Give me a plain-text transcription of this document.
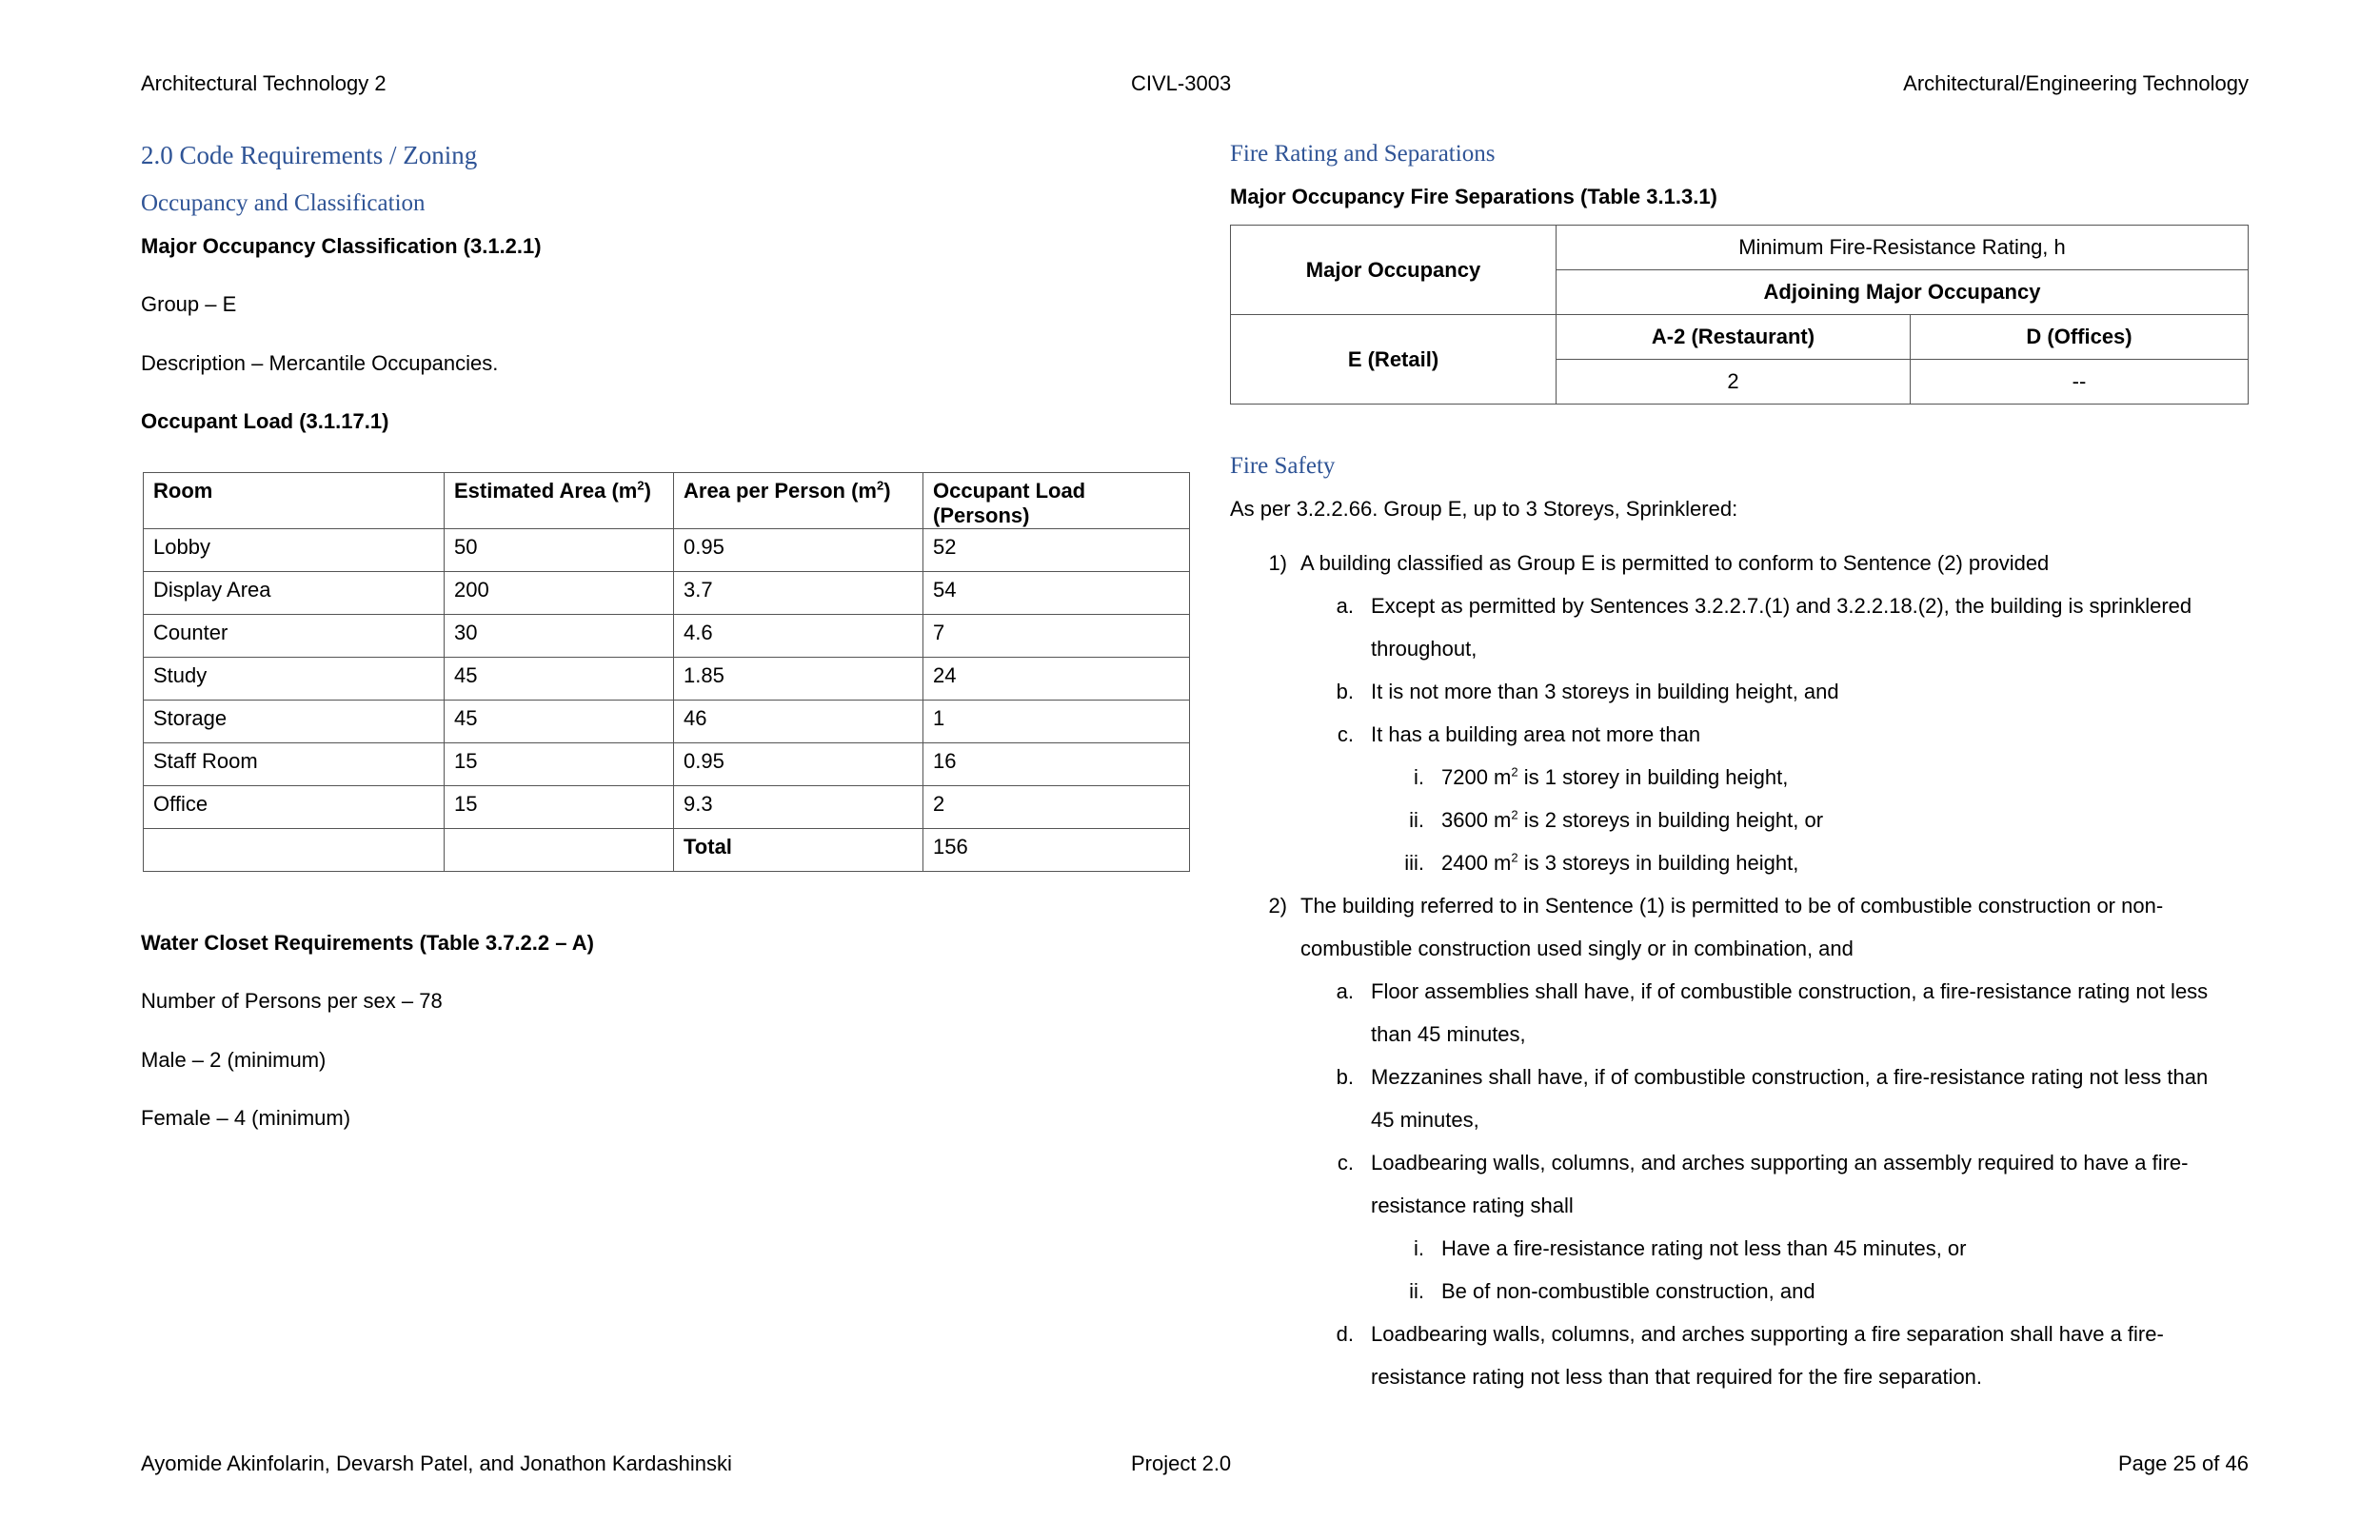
Architectural Technology 2	CIVL-3003	Architectural/Engineering Technology
2.0 Code Requirements / Zoning
Occupancy and Classification
Major Occupancy Classification (3.1.2.1)
Group – E
Description – Mercantile Occupancies.
Occupant Load (3.1.17.1)
Room	Estimated Area $(m^2)$	Area per Person $(m^2)$	Occupant Load (Persons)
Lobby	50	0.95	52
Display Area	200	3.7	54
Counter	30	4.6	7
Study	45	1.85	24
Storage	45	46	1
Staff Room	15	0.95	16
Office	15	9.3	2
		Total	156
Water Closet Requirements (Table 3.7.2.2 – A)
Number of Persons per sex – 78
Male – 2 (minimum)
Female – 4 (minimum)
Fire Rating and Separations
Major Occupancy Fire Separations (Table 3.1.3.1)
Major Occupancy	Minimum Fire-Resistance Rating, h	
	Adjoining Major Occupancy	
E (Retail)	A-2 (Restaurant)	D (Offices)
	2	--
Fire Safety
As per 3.2.2.66. Group E, up to 3 Storeys, Sprinklered:
1) A building classified as Group E is permitted to conform to Sentence (2) provided
a. Except as permitted by Sentences 3.2.2.7.(1) and 3.2.2.18.(2), the building is sprinklered
throughout,
b. It is not more than 3 storeys in building height, and
c. It has a building area not more than
i. 7200 $m^2$ is 1 storey in building height,
ii. 3600 $m^2$ is 2 storeys in building height, or
iii. 2400 $m^2$ is 3 storeys in building height,
2) The building referred to in Sentence (1) is permitted to be of combustible construction or non-
combustible construction used singly or in combination, and
a. Floor assemblies shall have, if of combustible construction, a fire-resistance rating not less
than 45 minutes,
b. Mezzanines shall have, if of combustible construction, a fire-resistance rating not less than
45 minutes,
c. Loadbearing walls, columns, and arches supporting an assembly required to have a fire-
resistance rating shall
i. Have a fire-resistance rating not less than 45 minutes, or
ii. Be of non-combustible construction, and
d. Loadbearing walls, columns, and arches supporting a fire separation shall have a fire-
resistance rating not less than that required for the fire separation.
Ayomide Akinfolarin, Devarsh Patel, and Jonathon Kardashinski	Project 2.0	Page 25 of 46
